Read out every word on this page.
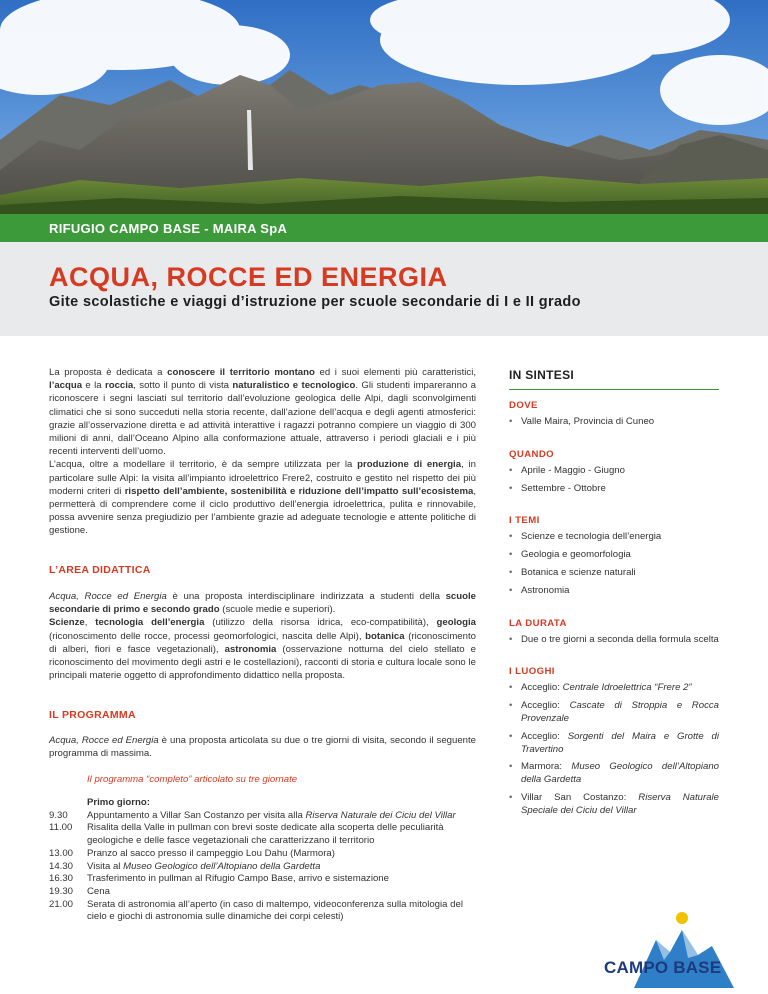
RIFUGIO CAMPO BASE - MAIRA SpA
ACQUA, ROCCE ED ENERGIA
Gite scolastiche e viaggi d’istruzione per scuole secondarie di I e II grado

La proposta è dedicata a conoscere il territorio montano ed i suoi elementi più caratteristici, l’acqua e la roccia, sotto il punto di vista naturalistico e tecnologico. Gli studenti impareranno a riconoscere i segni lasciati sul territorio dall’evoluzione geologica delle Alpi, dagli sconvolgimenti climatici che si sono succeduti nella storia recente, dall’azione dell’acqua e degli agenti atmosferici: grazie all’osservazione diretta e ad attività interattive i ragazzi potranno compiere un viaggio di 300 milioni di anni, dall’Oceano Alpino alla conformazione attuale, attraverso i periodi glaciali e i più recenti interventi dell’uomo.

L’acqua, oltre a modellare il territorio, è da sempre utilizzata per la produzione di energia, in particolare sulle Alpi: la visita all’impianto idroelettrico Frere2, costruito e gestito nel rispetto dei più moderni criteri di rispetto dell’ambiente, sostenibilità e riduzione dell’impatto sull’ecosistema, permetterà di comprendere come il ciclo produttivo dell’energia idroelettrica, pulita e rinnovabile, possa avvenire senza pregiudizio per l’ambiente grazie ad adeguate tecnologie e attente politiche di gestione.

L’AREA DIDATTICA

Acqua, Rocce ed Energia è una proposta interdisciplinare indirizzata a studenti della scuole secondarie di primo e secondo grado (scuole medie e superiori).

Scienze, tecnologia dell’energia (utilizzo della risorsa idrica, eco-compatibilità), geologia (riconoscimento delle rocce, processi geomorfologici, nascita delle Alpi), botanica (riconoscimento di alberi, fiori e fasce vegetazionali), astronomia (osservazione notturna del cielo stellato e riconoscimento del movimento degli astri e le costellazioni), racconti di storia e cultura locale sono le principali materie oggetto di approfondimento didattico nella proposta.

IL PROGRAMMA

Acqua, Rocce ed Energia è una proposta articolata su due o tre giorni di visita, secondo il seguente programma di massima.

Il programma “completo” articolato su tre giornate
Primo giorno:
9.30	Appuntamento a Villar San Costanzo per visita alla Riserva Naturale dei Ciciu del Villar
11.00	Risalita della Valle in pullman con brevi soste dedicate alla scoperta delle peculiarità geologiche e delle fasce vegetazionali che caratterizzano il territorio
13.00	Pranzo al sacco presso il campeggio Lou Dahu (Marmora)
14.30	Visita al Museo Geologico dell’Altopiano della Gardetta
16.30	Trasferimento in pullman al Rifugio Campo Base, arrivo e sistemazione
19.30	Cena
21.00	Serata di astronomia all’aperto (in caso di maltempo, videoconferenza sulla mitologia del cielo e giochi di astronomia sulle dinamiche dei corpi celesti)
IN SINTESI
DOVE
• Valle Maira, Provincia di Cuneo
QUANDO
• Aprile - Maggio - Giugno
• Settembre - Ottobre
I TEMI
• Scienze e tecnologia dell’energia
• Geologia e geomorfologia
• Botanica e scienze naturali
• Astronomia
LA DURATA
• Due o tre giorni a seconda della formula scelta
I LUOGHI
• Acceglio: Centrale Idroelettrica “Frere 2”
• Acceglio: Cascate di Stroppia e Rocca Provenzale
• Acceglio: Sorgenti del Maira e Grotte di Travertino
• Marmora: Museo Geologico dell’Altopiano della Gardetta
• Villar San Costanzo: Riserva Naturale Speciale dei Ciciu del Villar
CAMPO BASE
